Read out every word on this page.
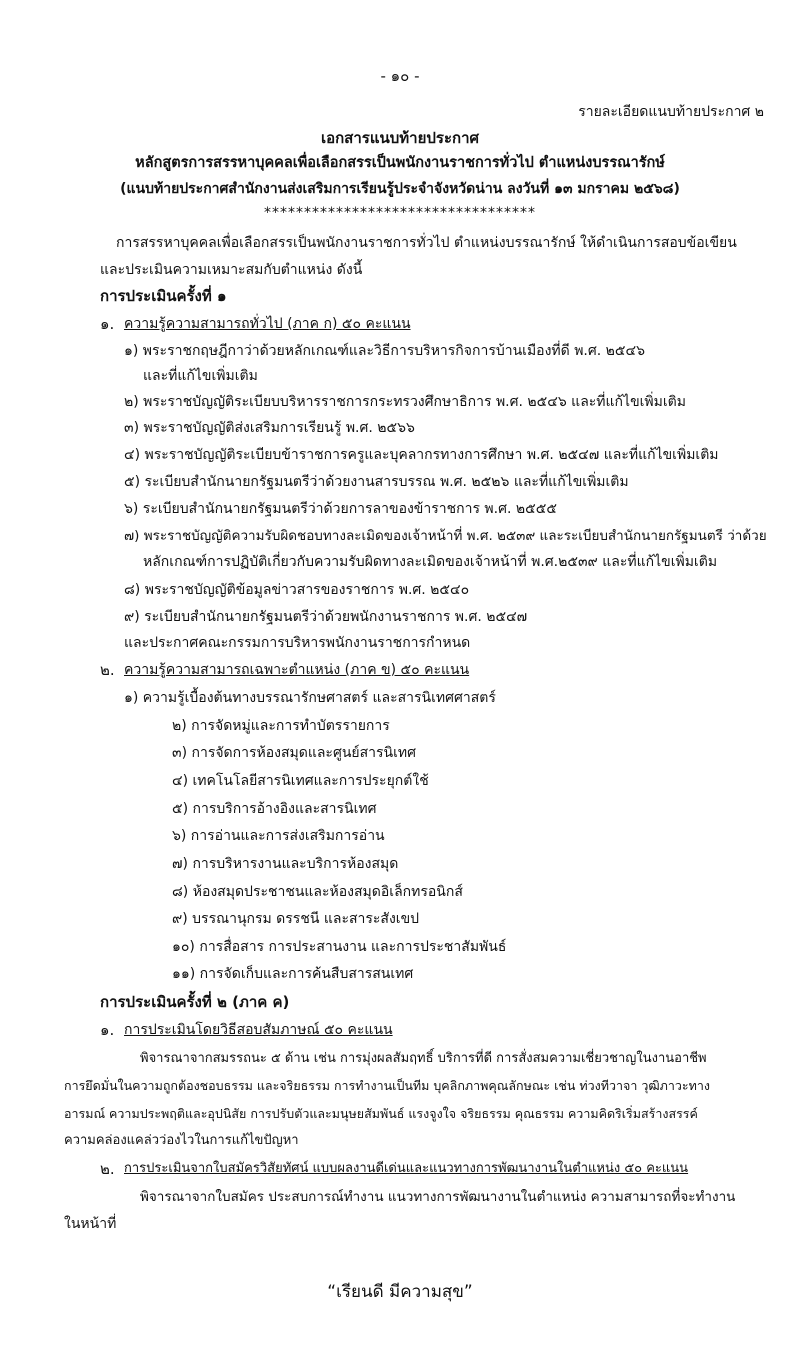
- ๑๐ -
รายละเอียดแนบท้ายประกาศ ๒
เอกสารแนบท้ายประกาศ
หลักสูตรการสรรหาบุคคลเพื่อเลือกสรรเป็นพนักงานราชการทั่วไป ตำแหน่งบรรณารักษ์
(แนบท้ายประกาศสำนักงานส่งเสริมการเรียนรู้ประจำจังหวัดน่าน ลงวันที่ ๑๓ มกราคม ๒๕๖๘)
**********************************
การสรรหาบุคคลเพื่อเลือกสรรเป็นพนักงานราชการทั่วไป ตำแหน่งบรรณารักษ์ ให้ดำเนินการสอบข้อเขียน
และประเมินความเหมาะสมกับตำแหน่ง ดังนี้
การประเมินครั้งที่ ๑
๑. ความรู้ความสามารถทั่วไป (ภาค ก) ๕๐ คะแนน
๑) พระราชกฤษฎีกาว่าด้วยหลักเกณฑ์และวิธีการบริหารกิจการบ้านเมืองที่ดี พ.ศ. ๒๕๔๖
และที่แก้ไขเพิ่มเติม
๒) พระราชบัญญัติระเบียบบริหารราชการกระทรวงศึกษาธิการ พ.ศ. ๒๕๔๖ และที่แก้ไขเพิ่มเติม
๓) พระราชบัญญัติส่งเสริมการเรียนรู้ พ.ศ. ๒๕๖๖
๔) พระราชบัญญัติระเบียบข้าราชการครูและบุคลากรทางการศึกษา พ.ศ. ๒๕๔๗ และที่แก้ไขเพิ่มเติม
๕) ระเบียบสำนักนายกรัฐมนตรีว่าด้วยงานสารบรรณ พ.ศ. ๒๕๒๖ และที่แก้ไขเพิ่มเติม
๖) ระเบียบสำนักนายกรัฐมนตรีว่าด้วยการลาของข้าราชการ พ.ศ. ๒๕๕๕
๗) พระราชบัญญัติความรับผิดชอบทางละเมิดของเจ้าหน้าที่ พ.ศ. ๒๕๓๙ และระเบียบสำนักนายกรัฐมนตรี ว่าด้วย
หลักเกณฑ์การปฏิบัติเกี่ยวกับความรับผิดทางละเมิดของเจ้าหน้าที่ พ.ศ.๒๕๓๙ และที่แก้ไขเพิ่มเติม
๘) พระราชบัญญัติข้อมูลข่าวสารของราชการ พ.ศ. ๒๕๔๐
๙) ระเบียบสำนักนายกรัฐมนตรีว่าด้วยพนักงานราชการ พ.ศ. ๒๕๔๗
และประกาศคณะกรรมการบริหารพนักงานราชการกำหนด
๒. ความรู้ความสามารถเฉพาะตำแหน่ง (ภาค ข) ๕๐ คะแนน
๑) ความรู้เบื้องต้นทางบรรณารักษศาสตร์ และสารนิเทศศาสตร์
๒) การจัดหมู่และการทำบัตรรายการ
๓) การจัดการห้องสมุดและศูนย์สารนิเทศ
๔) เทคโนโลยีสารนิเทศและการประยุกต์ใช้
๕) การบริการอ้างอิงและสารนิเทศ
๖) การอ่านและการส่งเสริมการอ่าน
๗) การบริหารงานและบริการห้องสมุด
๘) ห้องสมุดประชาชนและห้องสมุดอิเล็กทรอนิกส์
๙) บรรณานุกรม ดรรชนี และสาระสังเขป
๑๐) การสื่อสาร การประสานงาน และการประชาสัมพันธ์
๑๑) การจัดเก็บและการค้นสืบสารสนเทศ
การประเมินครั้งที่ ๒ (ภาค ค)
๑. การประเมินโดยวิธีสอบสัมภาษณ์ ๕๐ คะแนน
พิจารณาจากสมรรถนะ ๕ ด้าน เช่น การมุ่งผลสัมฤทธิ์ บริการที่ดี การสั่งสมความเชี่ยวชาญในงานอาชีพ
การยึดมั่นในความถูกต้องชอบธรรม และจริยธรรม การทำงานเป็นทีม บุคลิกภาพคุณลักษณะ เช่น ท่วงทีวาจา วุฒิภาวะทาง
อารมณ์ ความประพฤติและอุปนิสัย การปรับตัวและมนุษยสัมพันธ์ แรงจูงใจ จริยธรรม คุณธรรม ความคิดริเริ่มสร้างสรรค์
ความคล่องแคล่วว่องไวในการแก้ไขปัญหา
๒. การประเมินจากใบสมัครวิสัยทัศน์ แบบผลงานดีเด่นและแนวทางการพัฒนางานในตำแหน่ง ๕๐ คะแนน
พิจารณาจากใบสมัคร ประสบการณ์ทำงาน แนวทางการพัฒนางานในตำแหน่ง ความสามารถที่จะทำงาน
ในหน้าที่
“เรียนดี มีความสุข”
